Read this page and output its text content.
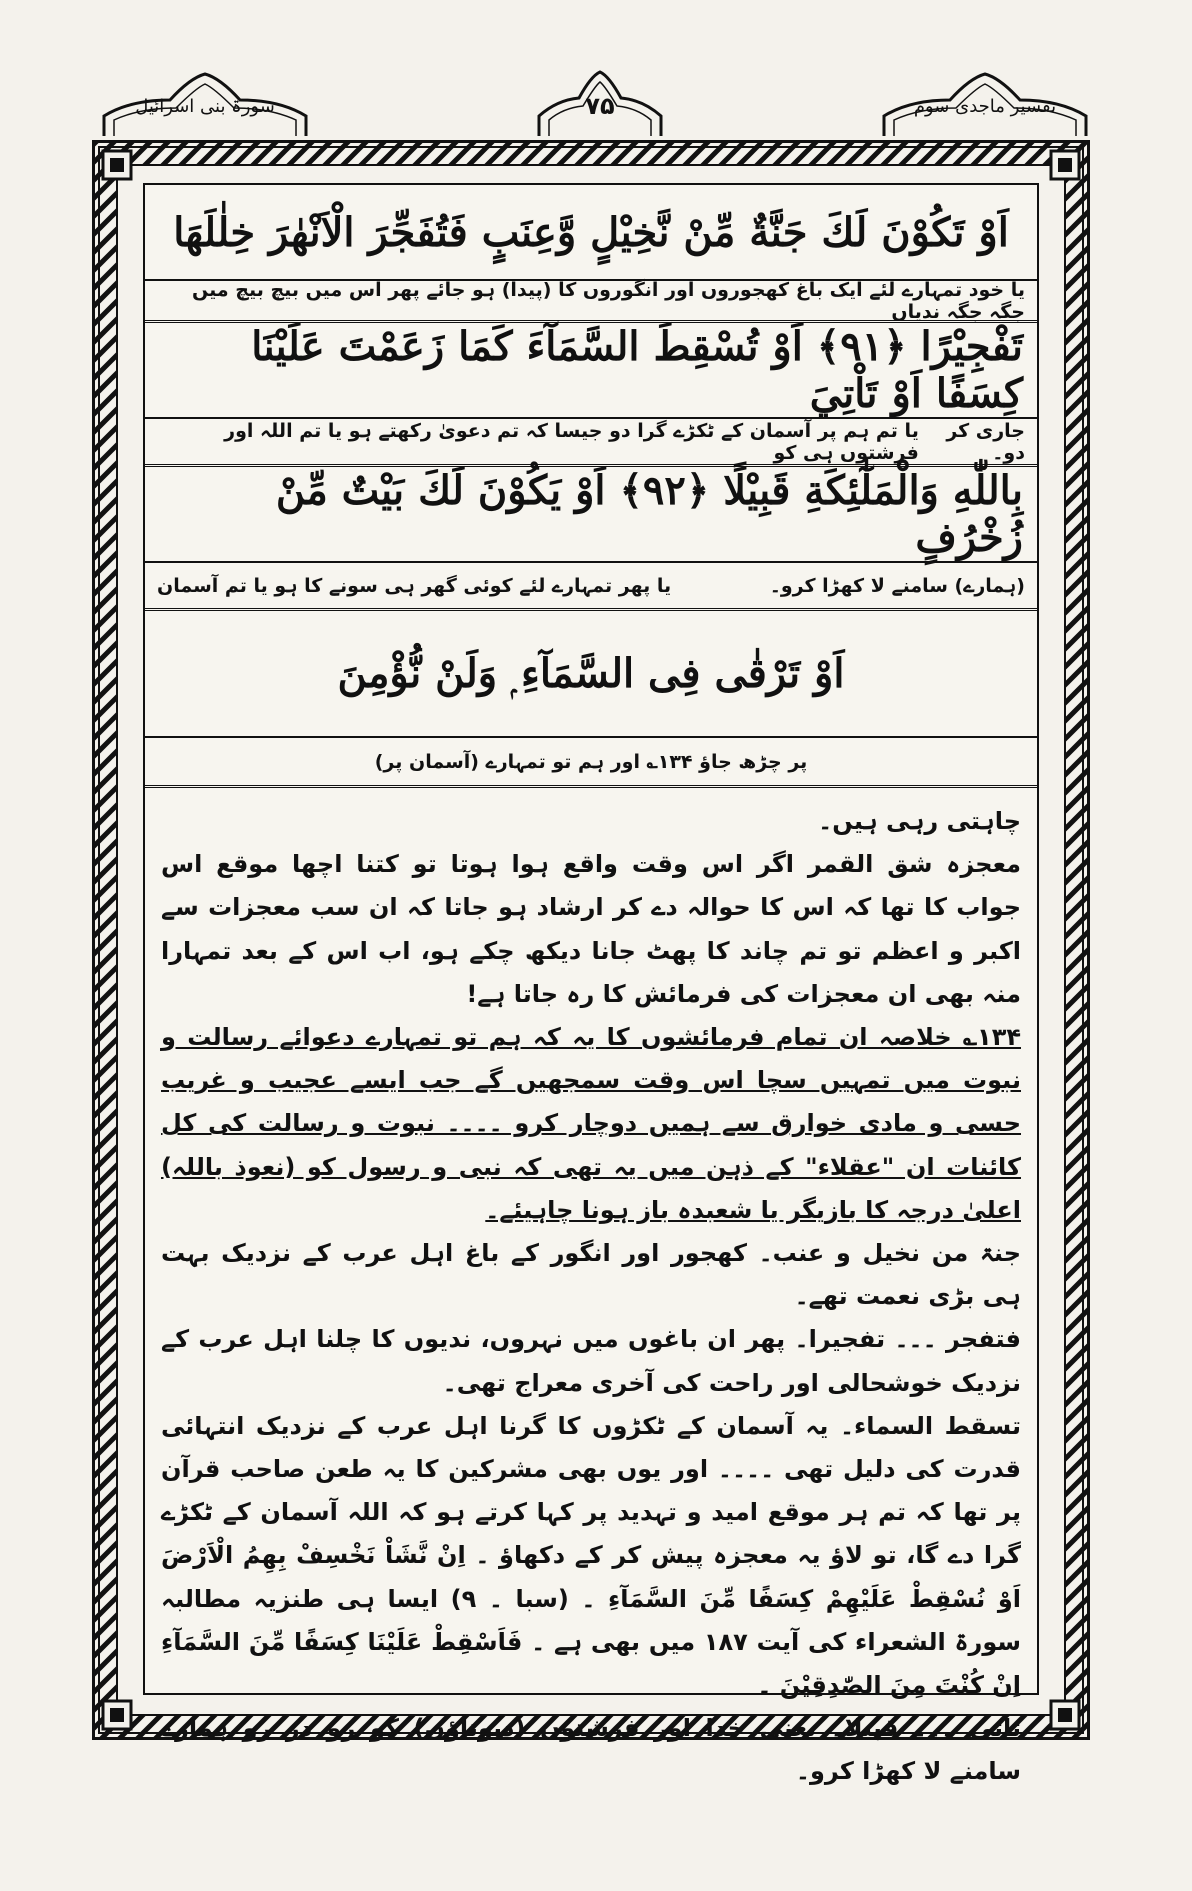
تفسیر ماجدی سوم
۷۵
سورۃ بنی اسرائیل
اَوْ تَكُوْنَ لَكَ جَنَّةٌ مِّنْ نَّخِيْلٍ وَّعِنَبٍ فَتُفَجِّرَ الْاَنْهٰرَ خِلٰلَهَا
یا خود تمہارے لئے ایک باغ کھجوروں اور انگوروں کا (پیدا) ہو جائے پھر اس میں بیچ بیچ میں جگہ جگہ ندیاں
تَفْجِيْرًا ﴿۹۱﴾ اَوْ تُسْقِطَ السَّمَآءَ كَمَا زَعَمْتَ عَلَيْنَا كِسَفًا اَوْ تَاْتِيَ
جاری کر دو۔
یا تم ہم پر آسمان کے ٹکڑے گرا دو جیسا کہ تم دعویٰ رکھتے ہو یا تم اللہ اور فرشتوں ہی کو
بِاللّٰهِ وَالْمَلٰٓئِكَةِ قَبِيْلًا ﴿۹۲﴾ اَوْ يَكُوْنَ لَكَ بَيْتٌ مِّنْ زُخْرُفٍ
(ہمارے) سامنے لا کھڑا کرو۔
یا پھر تمہارے لئے کوئی گھر ہی سونے کا ہو یا تم آسمان
اَوْ تَرْقٰى فِى السَّمَآءِ ۭ وَلَنْ نُّؤْمِنَ
پر چڑھ جاؤ ۱۳۴؎ اور ہم تو تمہارے (آسمان پر)

چاہتی رہی ہیں۔

معجزہ شق القمر اگر اس وقت واقع ہوا ہوتا تو کتنا اچھا موقع اس جواب کا تھا کہ اس کا حوالہ دے کر ارشاد ہو جاتا کہ ان سب معجزات سے اکبر و اعظم تو تم چاند کا پھٹ جانا دیکھ چکے ہو، اب اس کے بعد تمہارا منہ بھی ان معجزات کی فرمائش کا رہ جاتا ہے!

۱۳۴؎ خلاصہ ان تمام فرمائشوں کا یہ کہ ہم تو تمہارے دعوائے رسالت و نبوت میں تمہیں سچا اس وقت سمجھیں گے جب ایسے عجیب و غریب حسی و مادی خوارق سے ہمیں دوچار کرو ۔۔۔۔ نبوت و رسالت کی کل کائنات ان "عقلاء" کے ذہن میں یہ تھی کہ نبی و رسول کو (نعوذ باللہ) اعلیٰ درجہ کا بازیگر یا شعبدہ باز ہونا چاہیئے۔

جنۃ من نخیل و عنب۔ کھجور اور انگور کے باغ اہل عرب کے نزدیک بہت ہی بڑی نعمت تھے۔

فتفجر ۔۔۔ تفجیرا۔ پھر ان باغوں میں نہروں، ندیوں کا چلنا اہل عرب کے نزدیک خوشحالی اور راحت کی آخری معراج تھی۔

تسقط السماء۔ یہ آسمان کے ٹکڑوں کا گرنا اہل عرب کے نزدیک انتہائی قدرت کی دلیل تھی ۔۔۔۔ اور یوں بھی مشرکین کا یہ طعن صاحب قرآن پر تھا کہ تم ہر موقع امید و تہدید پر کہا کرتے ہو کہ اللہ آسمان کے ٹکڑے گرا دے گا، تو لاؤ یہ معجزہ پیش کر کے دکھاؤ ۔ اِنْ نَّشَاْ نَخْسِفْ بِهِمُ الْاَرْضَ اَوْ نُسْقِطْ عَلَيْهِمْ كِسَفًا مِّنَ السَّمَآءِ ۔ (سبا ۔ ۹) ایسا ہی طنزیہ مطالبہ سورۃ الشعراء کی آیت ۱۸۷ میں بھی ہے ۔ فَاَسْقِطْ عَلَيْنَا كِسَفًا مِّنَ السَّمَآءِ اِنْ كُنْتَ مِنَ الصّٰدِقِيْنَ ۔

تاتی ۔۔۔ قبیلا۔ یعنی خدا اور فرشتوں (دیوتاؤں) کو رو در رو ہمارے سامنے لا کھڑا کرو۔
